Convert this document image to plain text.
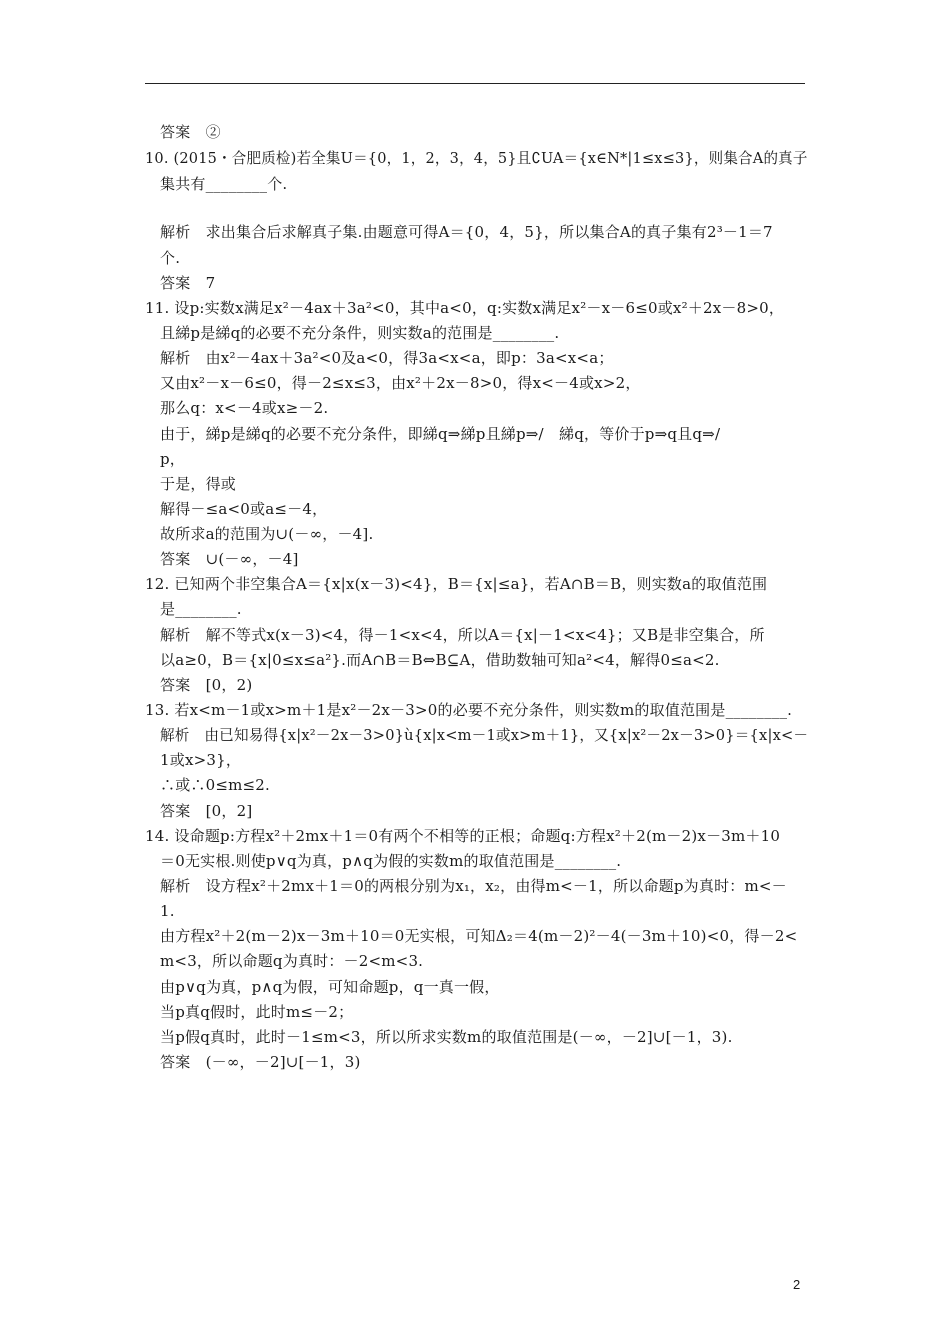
答案　②
10. (2015・合肥质检)若全集U＝{0，1，2，3，4，5}且∁UA＝{x∈N*|1≤x≤3}，则集合A的真子
集共有________个.
解析　求出集合后求解真子集.由题意可得A＝{0，4，5}，所以集合A的真子集有2³－1＝7
个.
答案　7
11. 设p:实数x满足x²－4ax＋3a²<0，其中a<0，q:实数x满足x²－x－6≤0或x²＋2x－8>0，
且綈p是綈q的必要不充分条件，则实数a的范围是________.
解析　由x²－4ax＋3a²<0及a<0，得3a<x<a，即p：3a<x<a；
又由x²－x－6≤0，得－2≤x≤3，由x²＋2x－8>0，得x<－4或x>2，
那么q：x<－4或x≥－2.
由于，綈p是綈q的必要不充分条件，即綈q⇒綈p且綈p⇒/　綈q，等价于p⇒q且q⇒/
p，
于是，得或
解得－≤a<0或a≤－4，
故所求a的范围为∪(－∞，－4].
答案　∪(－∞，－4]
12. 已知两个非空集合A＝{x|x(x－3)<4}，B＝{x|≤a}，若A∩B＝B，则实数a的取值范围
是________.
解析　解不等式x(x－3)<4，得－1<x<4，所以A＝{x|－1<x<4}；又B是非空集合，所
以a≥0，B＝{x|0≤x≤a²}.而A∩B＝B⇔B⊆A，借助数轴可知a²<4，解得0≤a<2.
答案　[0，2)
13. 若x<m－1或x>m＋1是x²－2x－3>0的必要不充分条件，则实数m的取值范围是________.
解析　由已知易得{x|x²－2x－3>0}ù{x|x<m－1或x>m＋1}，又{x|x²－2x－3>0}＝{x|x<－
1或x>3}，
∴或∴0≤m≤2.
答案　[0，2]
14. 设命题p:方程x²＋2mx＋1＝0有两个不相等的正根；命题q:方程x²＋2(m－2)x－3m＋10
＝0无实根.则使p∨q为真，p∧q为假的实数m的取值范围是________.
解析　设方程x²＋2mx＋1＝0的两根分别为x₁，x₂，由得m<－1，所以命题p为真时：m<－
1.
由方程x²＋2(m－2)x－3m＋10＝0无实根，可知Δ₂＝4(m－2)²－4(－3m＋10)<0，得－2<
m<3，所以命题q为真时：－2<m<3.
由p∨q为真，p∧q为假，可知命题p，q一真一假，
当p真q假时，此时m≤－2；
当p假q真时，此时－1≤m<3，所以所求实数m的取值范围是(－∞，－2]∪[－1，3).
答案　(－∞，－2]∪[－1，3)
2
